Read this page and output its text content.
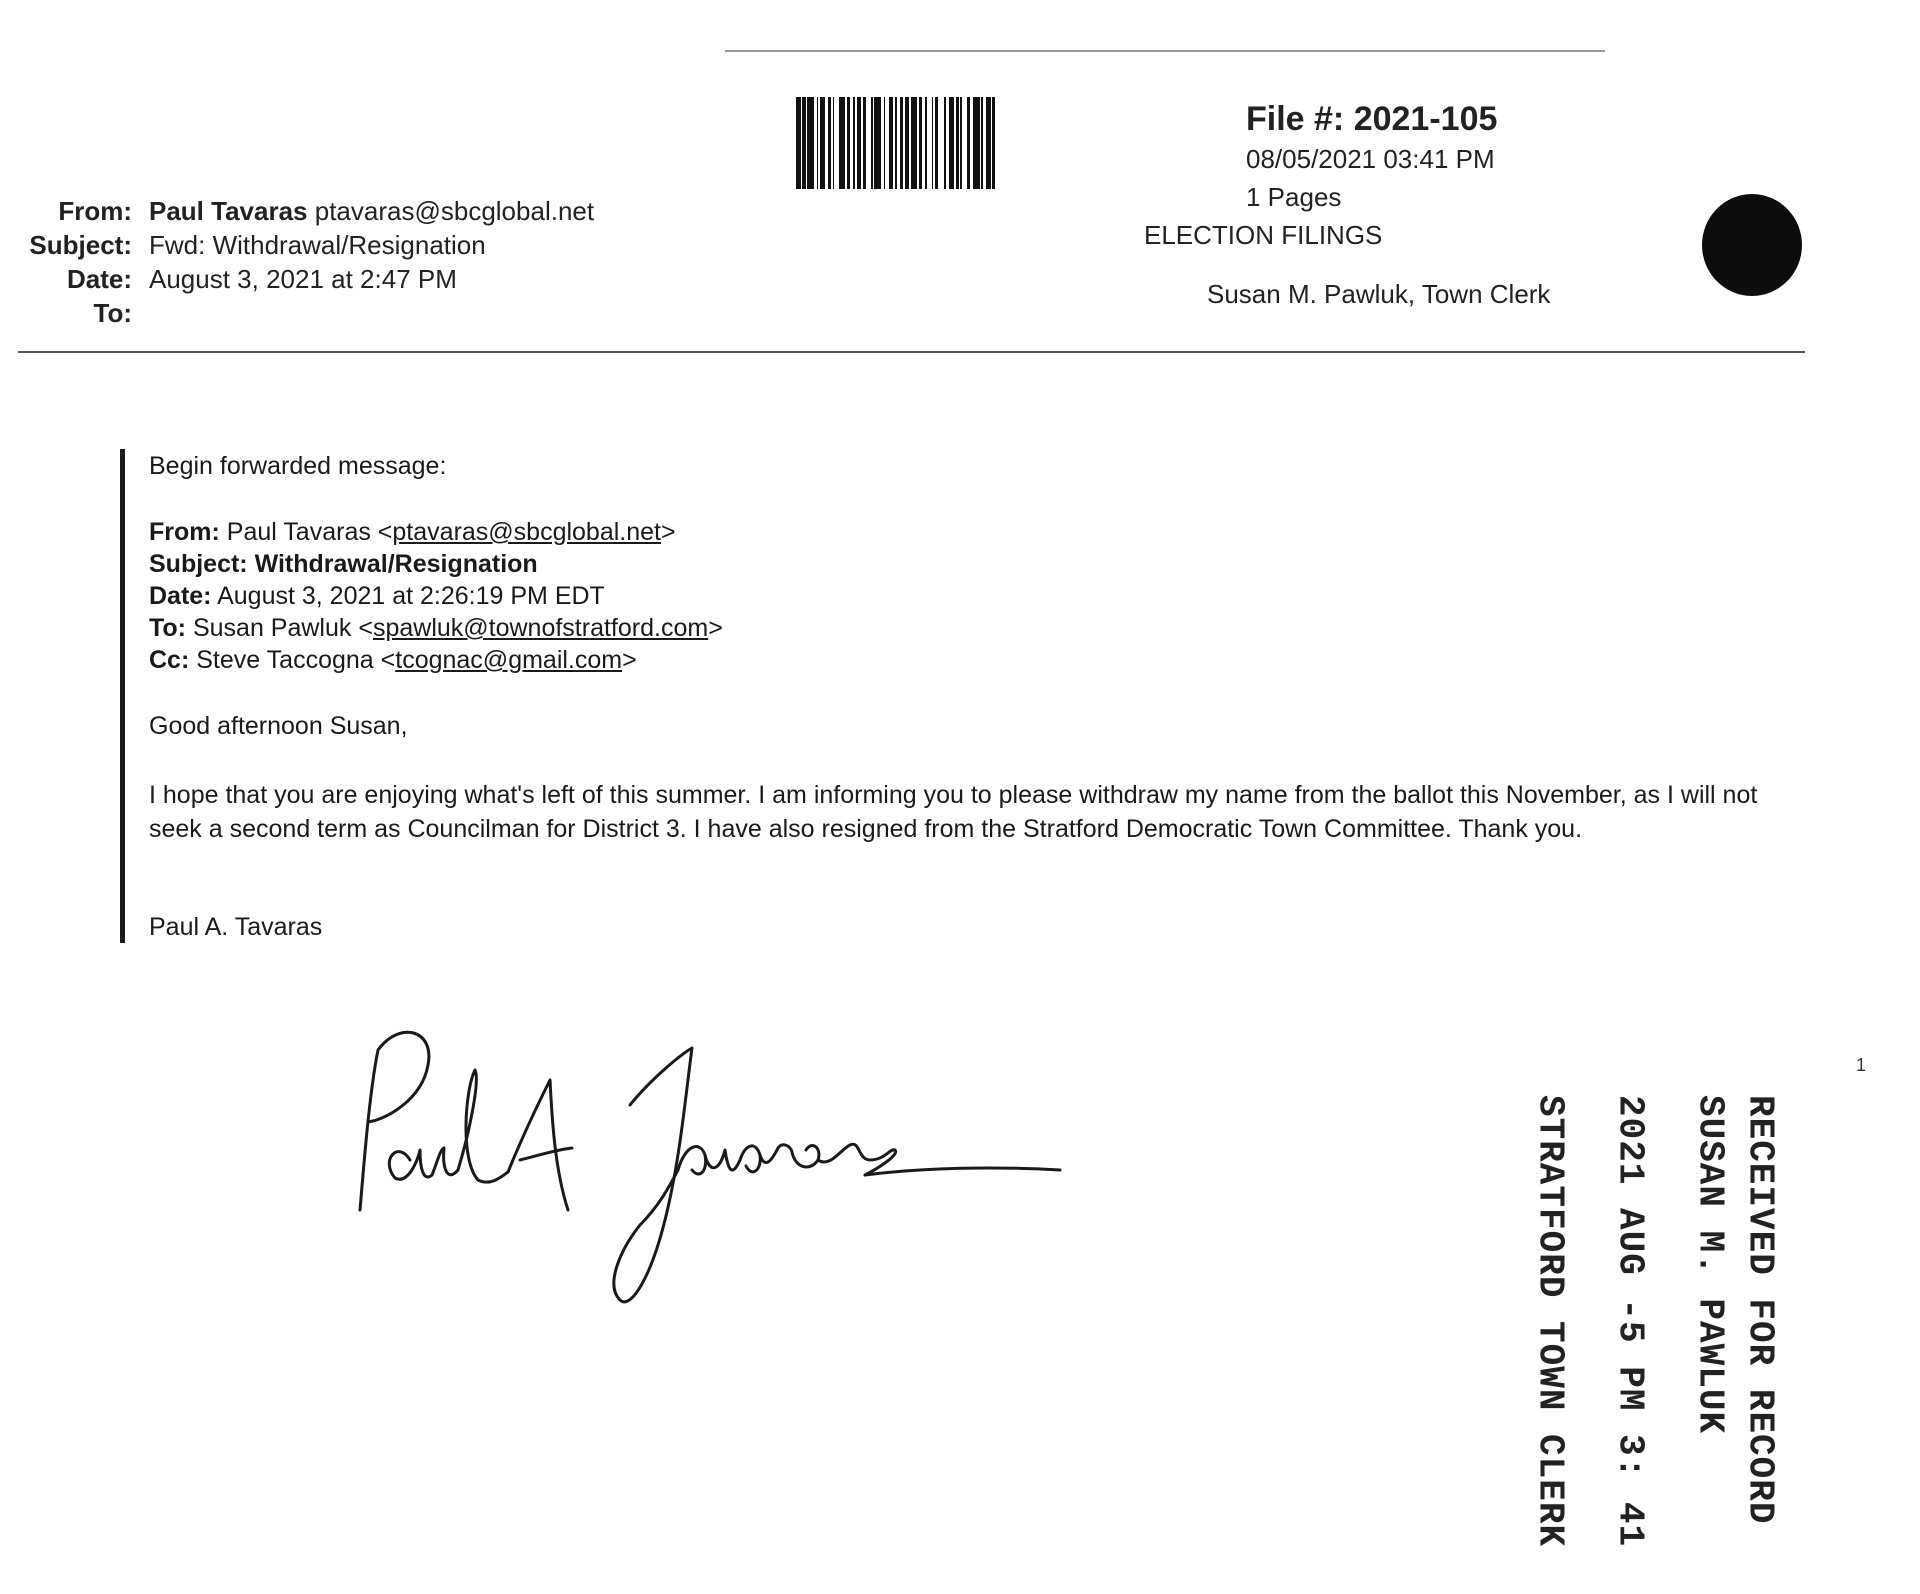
From: Paul Tavaras ptavaras@sbcglobal.net
Subject: Fwd: Withdrawal/Resignation
Date: August 3, 2021 at 2:47 PM
To:
File #: 2021-105
08/05/2021 03:41 PM
1 Pages
ELECTION FILINGS
Susan M. Pawluk, Town Clerk
Begin forwarded message:
From: Paul Tavaras <ptavaras@sbcglobal.net>
Subject: Withdrawal/Resignation
Date: August 3, 2021 at 2:26:19 PM EDT
To: Susan Pawluk <spawluk@townofstratford.com>
Cc: Steve Taccogna <tcognac@gmail.com>
Good afternoon Susan,
I hope that you are enjoying what's left of this summer. I am informing you to please withdraw my name from the ballot this November, as I will not seek a second term as Councilman for District 3. I have also resigned from the Stratford Democratic Town Committee. Thank you.
Paul A. Tavaras
RECEIVED FOR RECORD
SUSAN M. PAWLUK
2021 AUG -5 PM 3: 41
STRATFORD TOWN CLERK
1
